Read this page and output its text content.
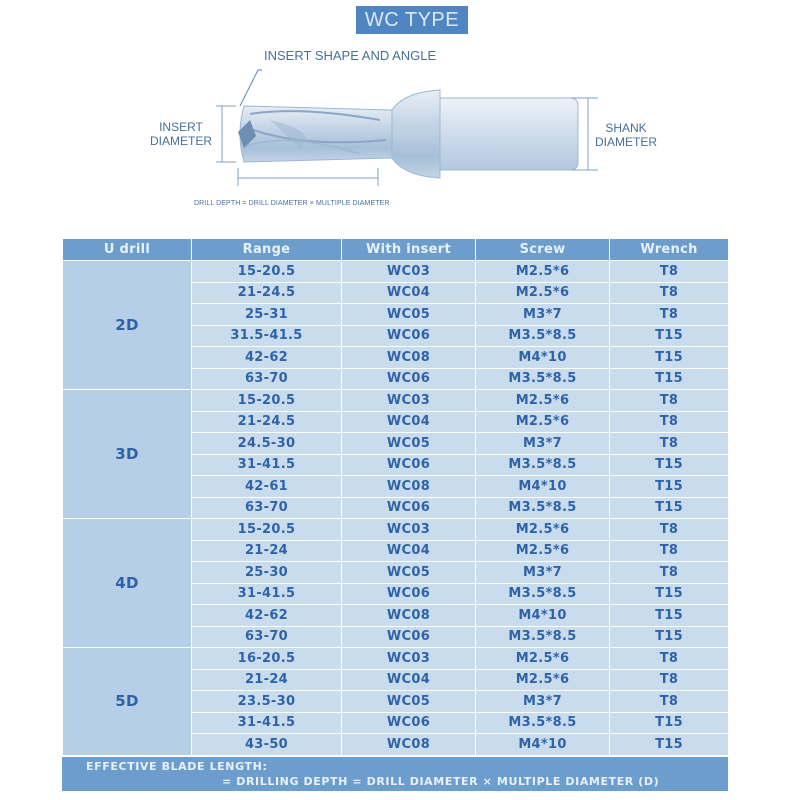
WC TYPE
INSERT SHAPE AND ANGLE
INSERT
DIAMETER
SHANK
DIAMETER
DRILL DEPTH = DRILL DIAMETER × MULTIPLE DIAMETER
U drill	Range	With insert	Screw	Wrench
2D	15-20.5	WC03	M2.5*6	T8
	21-24.5	WC04	M2.5*6	T8
	25-31	WC05	M3*7	T8
	31.5-41.5	WC06	M3.5*8.5	T15
	42-62	WC08	M4*10	T15
	63-70	WC06	M3.5*8.5	T15
3D	15-20.5	WC03	M2.5*6	T8
	21-24.5	WC04	M2.5*6	T8
	24.5-30	WC05	M3*7	T8
	31-41.5	WC06	M3.5*8.5	T15
	42-61	WC08	M4*10	T15
	63-70	WC06	M3.5*8.5	T15
4D	15-20.5	WC03	M2.5*6	T8
	21-24	WC04	M2.5*6	T8
	25-30	WC05	M3*7	T8
	31-41.5	WC06	M3.5*8.5	T15
	42-62	WC08	M4*10	T15
	63-70	WC06	M3.5*8.5	T15
5D	16-20.5	WC03	M2.5*6	T8
	21-24	WC04	M2.5*6	T8
	23.5-30	WC05	M3*7	T8
	31-41.5	WC06	M3.5*8.5	T15
	43-50	WC08	M4*10	T15
EFFECTIVE BLADE LENGTH:
= DRILLING DEPTH = DRILL DIAMETER × MULTIPLE DIAMETER (D)
